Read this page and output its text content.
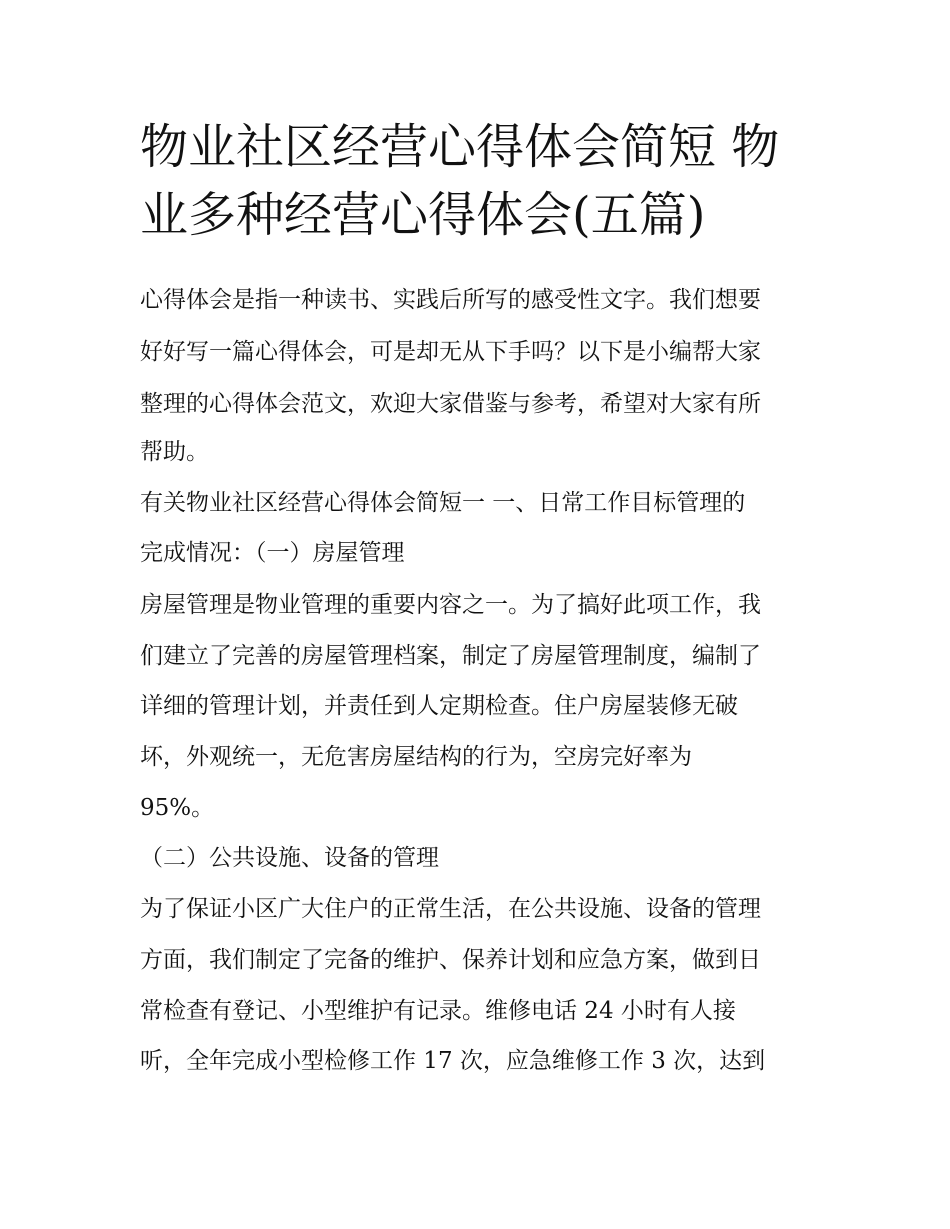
物业社区经营心得体会简短 物业多种经营心得体会(五篇)

心得体会是指一种读书、实践后所写的感受性文字。我们想要

好好写一篇心得体会，可是却无从下手吗？以下是小编帮大家

整理的心得体会范文，欢迎大家借鉴与参考，希望对大家有所

帮助。

有关物业社区经营心得体会简短一 一、日常工作目标管理的

完成情况：（一）房屋管理

房屋管理是物业管理的重要内容之一。为了搞好此项工作，我

们建立了完善的房屋管理档案，制定了房屋管理制度，编制了

详细的管理计划，并责任到人定期检查。住户房屋装修无破

坏，外观统一，无危害房屋结构的行为，空房完好率为

95%。

（二）公共设施、设备的管理

为了保证小区广大住户的正常生活，在公共设施、设备的管理

方面，我们制定了完备的维护、保养计划和应急方案，做到日

常检查有登记、小型维护有记录。维修电话 24 小时有人接

听，全年完成小型检修工作 17 次，应急维修工作 3 次，达到
